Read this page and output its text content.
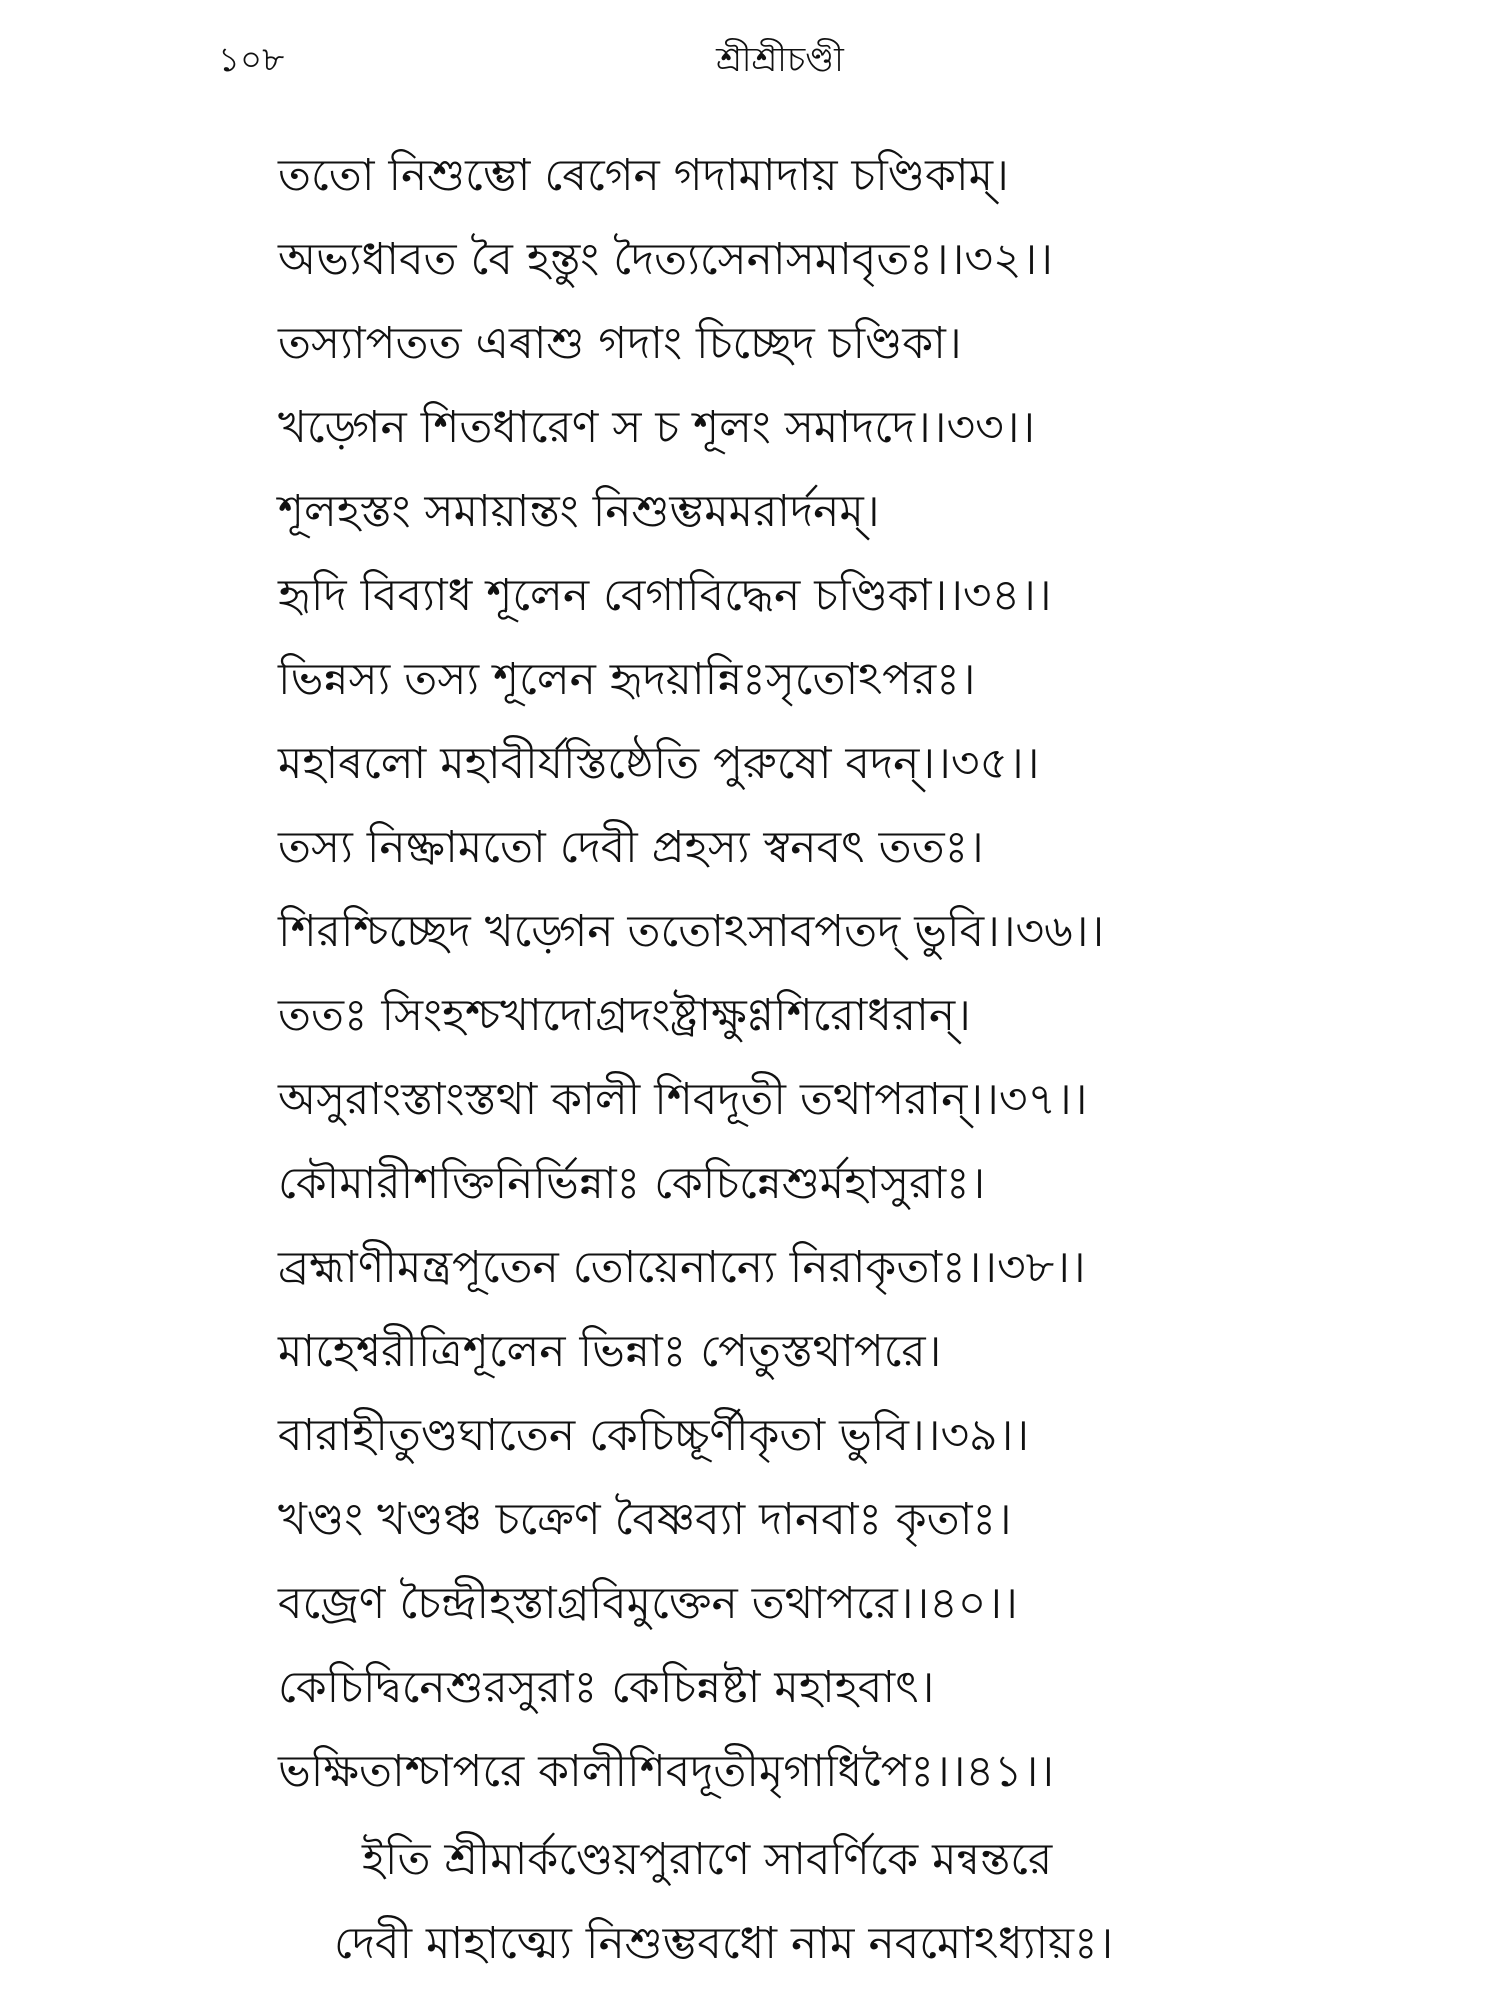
১০৮	শ্ৰীশ্ৰীচণ্ডী
ততো নিশুম্ভো ৰেগেন গদামাদায় চণ্ডিকাম্।
অভ্যধাবত বৈ হন্তুং দৈত্যসেনাসমাবৃতঃ।।৩২।।
তস্যাপতত এৰাশু গদাং চিচ্ছেদ চণ্ডিকা।
খড়্গেন শিতধারেণ স চ শূলং সমাদদে।।৩৩।।
শূলহস্তং সমায়ান্তং নিশুম্ভমমরার্দনম্।
হৃদি বিব্যাধ শূলেন বেগাবিদ্ধেন চণ্ডিকা।।৩৪।।
ভিন্নস্য তস্য শূলেন হৃদয়ান্নিঃসৃতোঽপরঃ।
মহাৰলো মহাবীর্যস্তিষ্ঠেতি পুরুষো বদন্।।৩৫।।
তস্য নিষ্ক্রামতো দেবী প্রহস্য স্বনবৎ ততঃ।
শিরশ্চিচ্ছেদ খড়্গেন ততোঽসাবপতদ্ ভুবি।।৩৬।।
ততঃ সিংহশ্চখাদোগ্রদংষ্ট্রাক্ষুণ্ণশিরোধরান্।
অসুরাংস্তাংস্তথা কালী শিবদূতী তথাপরান্।।৩৭।।
কৌমারীশক্তিনির্ভিন্নাঃ কেচিন্নেশুর্মহাসুরাঃ।
ব্ৰহ্মাণীমন্ত্রপূতেন তোয়েনান্যে নিরাকৃতাঃ।।৩৮।।
মাহেশ্বরীত্রিশূলেন ভিন্নাঃ পেতুস্তথাপরে।
বারাহীতুণ্ডঘাতেন কেচিচ্চূর্ণীকৃতা ভুবি।।৩৯।।
খণ্ডং খণ্ডঞ্চ চক্রেণ বৈষ্ণব্যা দানবাঃ কৃতাঃ।
বজ্রেণ চৈন্দ্রীহস্তাগ্রবিমুক্তেন তথাপরে।।৪০।।
কেচিদ্বিনেশুরসুরাঃ কেচিন্নষ্টা মহাহবাৎ।
ভক্ষিতাশ্চাপরে কালীশিবদূতীমৃগাধিপৈঃ।।৪১।।
ইতি শ্ৰীমার্কণ্ডেয়পুরাণে সাবর্ণিকে মন্বন্তরে
দেবী মাহাত্ম্যে নিশুম্ভবধো নাম নবমোঽধ্যায়ঃ।
